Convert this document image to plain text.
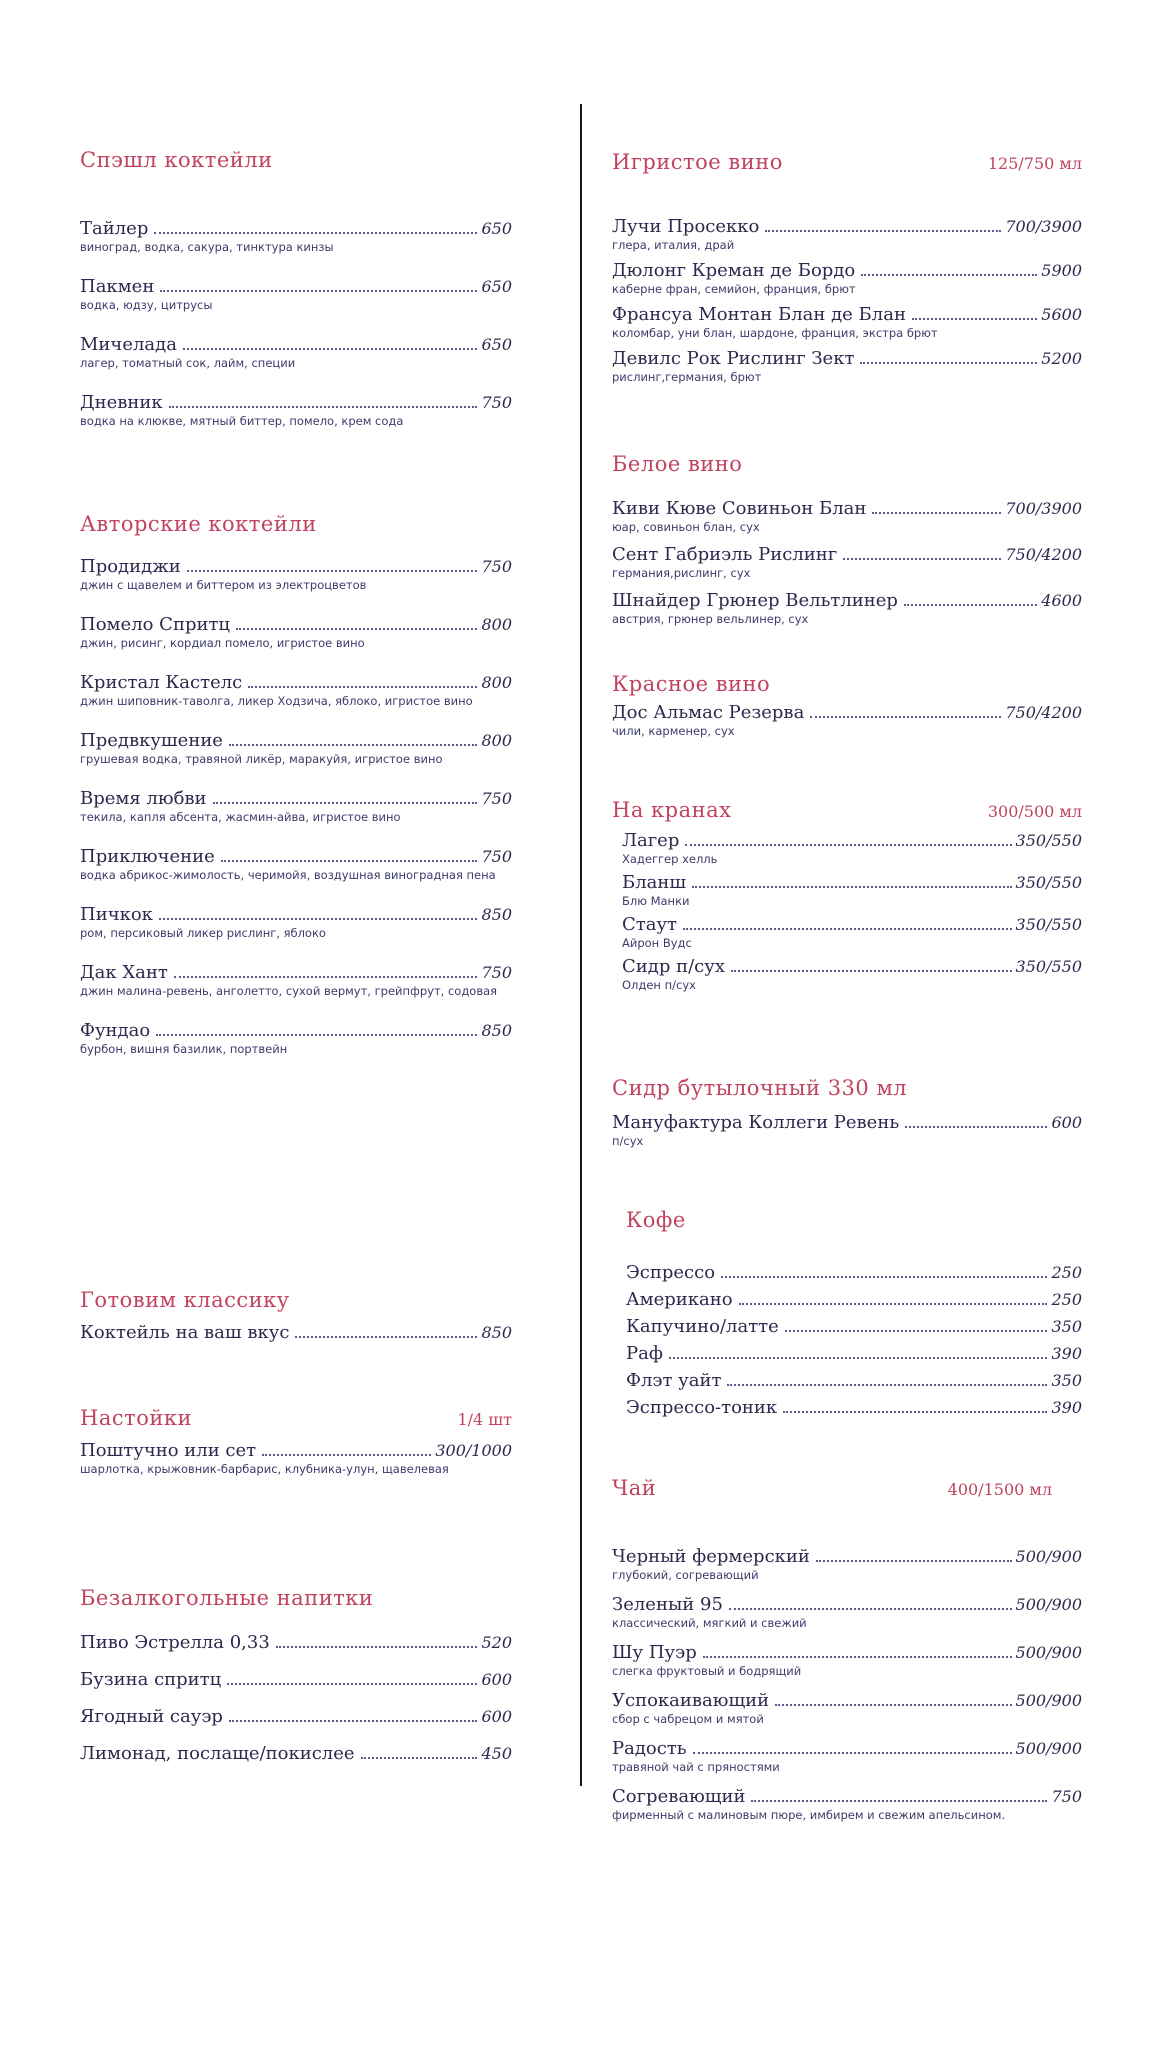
Спэшл коктейли
Тайлер	650
виноград, водка, сакура, тинктура кинзы
Пакмен	650
водка, юдзу, цитрусы
Мичелада	650
лагер, томатный сок, лайм, специи
Дневник	750
водка на клюкве, мятный биттер, помело, крем сода
Авторские коктейли
Продиджи	750
джин с щавелем и биттером из электроцветов
Помело Спритц	800
джин, рисинг, кордиал помело, игристое вино
Кристал Кастелс	800
джин шиповник-таволга, ликер Ходзича, яблоко, игристое вино
Предвкушение	800
грушевая водка, травяной ликёр, маракуйя, игристое вино
Время любви	750
текила, капля абсента, жасмин-айва, игристое вино
Приключение	750
водка абрикос-жимолость, черимойя, воздушная виноградная пена
Пичкок	850
ром, персиковый ликер рислинг, яблоко
Дак Хант	750
джин малина-ревень, анголетто, сухой вермут, грейпфрут, содовая
Фундао	850
бурбон, вишня базилик, портвейн
Готовим классику
Коктейль на ваш вкус	850
Настойки	1/4 шт
Поштучно или сет	300/1000
шарлотка, крыжовник-барбарис, клубника-улун, щавелевая
Безалкогольные напитки
Пиво Эстрелла 0,33	520
Бузина спритц	600
Ягодный сауэр	600
Лимонад, послаще/покислее	450
Игристое вино	125/750 мл
Лучи Просекко	700/3900
глера, италия, драй
Дюлонг Креман де Бордо	5900
каберне фран, семийон, франция, брют
Франсуа Монтан Блан де Блан	5600
коломбар, уни блан, шардоне, франция, экстра брют
Девилс Рок Рислинг Зект	5200
рислинг,германия, брют
Белое вино
Киви Кюве Совиньон Блан	700/3900
юар, совиньон блан, сух
Сент Габриэль Рислинг	750/4200
германия,рислинг, сух
Шнайдер Грюнер Вельтлинер	4600
австрия, грюнер вельлинер, сух
Красное вино
Дос Альмас Резерва	750/4200
чили, карменер, сух
На кранах	300/500 мл
Лагер	350/550
Хадеггер хелль
Бланш	350/550
Блю Манки
Стаут	350/550
Айрон Вудс
Сидр п/сух	350/550
Олден п/сух
Сидр бутылочный 330 мл
Мануфактура Коллеги Ревень	600
п/сух
Кофе
Эспрессо	250
Американо	250
Капучино/латте	350
Раф	390
Флэт уайт	350
Эспрессо-тоник	390
Чай	400/1500 мл
Черный фермерский	500/900
глубокий, согревающий
Зеленый 95	500/900
классический, мягкий и свежий
Шу Пуэр	500/900
слегка фруктовый и бодрящий
Успокаивающий	500/900
сбор с чабрецом и мятой
Радость	500/900
травяной чай с пряностями
Согревающий	750
фирменный с малиновым пюре, имбирем и свежим апельсином.
